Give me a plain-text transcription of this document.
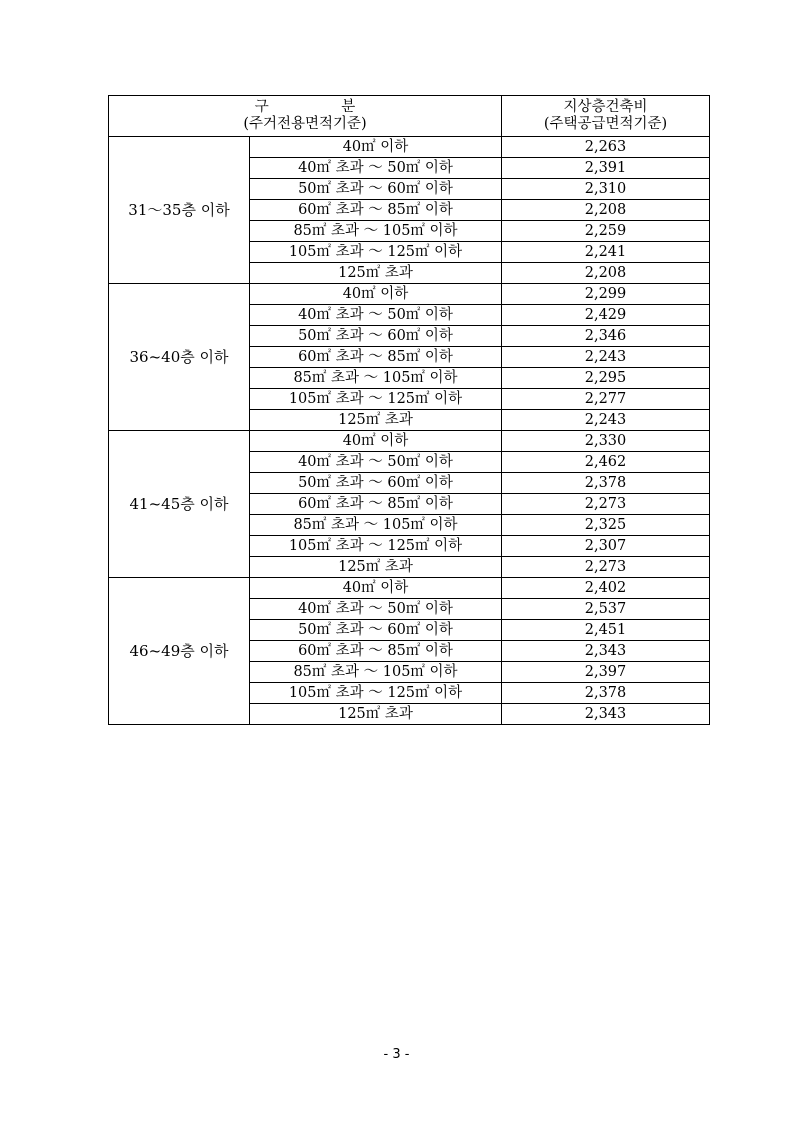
구　　　　　분
(주거전용면적기준)		지상층건축비
(주택공급면적기준)

31～35층 이하	40㎡ 이하	2,263
	40㎡ 초과 ～ 50㎡ 이하	2,391
	50㎡ 초과 ～ 60㎡ 이하	2,310
	60㎡ 초과 ～ 85㎡ 이하	2,208
	85㎡ 초과 ～ 105㎡ 이하	2,259
	105㎡ 초과 ～ 125㎡ 이하	2,241
	125㎡ 초과	2,208
36~40층 이하	40㎡ 이하	2,299
	40㎡ 초과 ～ 50㎡ 이하	2,429
	50㎡ 초과 ～ 60㎡ 이하	2,346
	60㎡ 초과 ～ 85㎡ 이하	2,243
	85㎡ 초과 ～ 105㎡ 이하	2,295
	105㎡ 초과 ～ 125㎡ 이하	2,277
	125㎡ 초과	2,243
41~45층 이하	40㎡ 이하	2,330
	40㎡ 초과 ～ 50㎡ 이하	2,462
	50㎡ 초과 ～ 60㎡ 이하	2,378
	60㎡ 초과 ～ 85㎡ 이하	2,273
	85㎡ 초과 ～ 105㎡ 이하	2,325
	105㎡ 초과 ～ 125㎡ 이하	2,307
	125㎡ 초과	2,273
46~49층 이하	40㎡ 이하	2,402
	40㎡ 초과 ～ 50㎡ 이하	2,537
	50㎡ 초과 ～ 60㎡ 이하	2,451
	60㎡ 초과 ～ 85㎡ 이하	2,343
	85㎡ 초과 ～ 105㎡ 이하	2,397
	105㎡ 초과 ～ 125㎡ 이하	2,378
	125㎡ 초과	2,343
- 3 -
